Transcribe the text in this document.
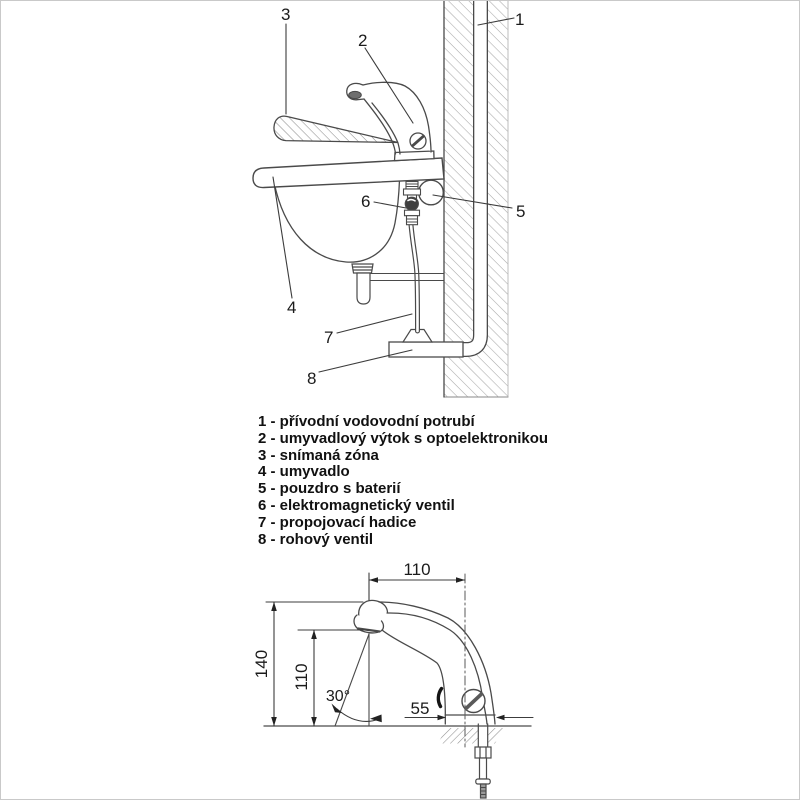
1
2
3
4
5
6
7
8
110
140 110
30°
55
1 - přívodní vodovodní potrubí
2 - umyvadlový výtok s optoelektronikou
3 - snímaná zóna
4 - umyvadlo
5 - pouzdro s baterií
6 - elektromagnetický ventil
7 - propojovací hadice
8 - rohový ventil
